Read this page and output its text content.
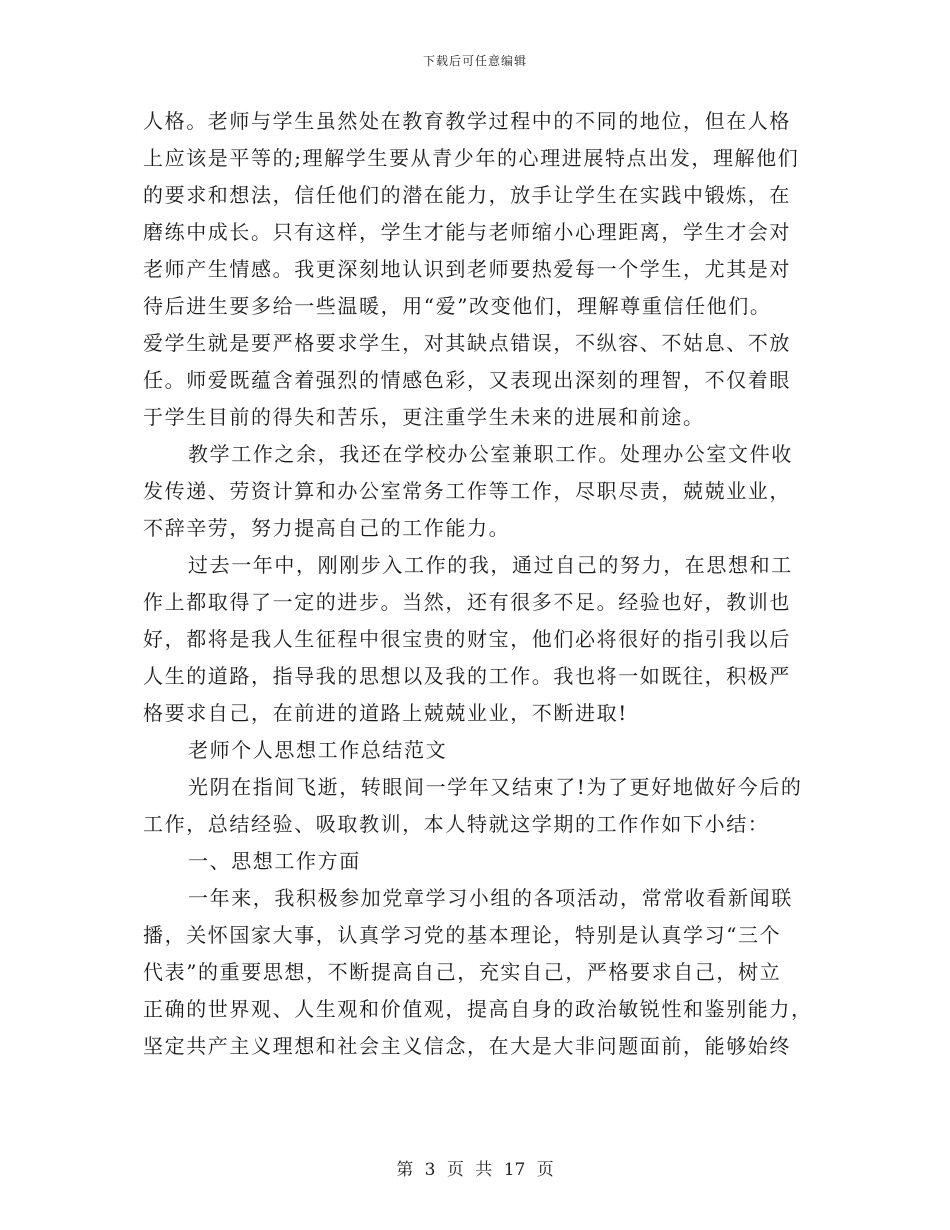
下载后可任意编辑
人格。老师与学生虽然处在教育教学过程中的不同的地位，但在人格
上应该是平等的;理解学生要从青少年的心理进展特点出发，理解他们
的要求和想法，信任他们的潜在能力，放手让学生在实践中锻炼，在
磨练中成长。只有这样，学生才能与老师缩小心理距离，学生才会对
老师产生情感。我更深刻地认识到老师要热爱每一个学生，尤其是对
待后进生要多给一些温暖，用“爱”改变他们，理解尊重信任他们。
爱学生就是要严格要求学生，对其缺点错误，不纵容、不姑息、不放
任。师爱既蕴含着强烈的情感色彩，又表现出深刻的理智，不仅着眼
于学生目前的得失和苦乐，更注重学生未来的进展和前途。
教学工作之余，我还在学校办公室兼职工作。处理办公室文件收
发传递、劳资计算和办公室常务工作等工作，尽职尽责，兢兢业业，
不辞辛劳，努力提高自己的工作能力。
过去一年中，刚刚步入工作的我，通过自己的努力，在思想和工
作上都取得了一定的进步。当然，还有很多不足。经验也好，教训也
好，都将是我人生征程中很宝贵的财宝，他们必将很好的指引我以后
人生的道路，指导我的思想以及我的工作。我也将一如既往，积极严
格要求自己，在前进的道路上兢兢业业，不断进取!
老师个人思想工作总结范文
光阴在指间飞逝，转眼间一学年又结束了!为了更好地做好今后的
工作，总结经验、吸取教训，本人特就这学期的工作作如下小结：
一、思想工作方面
一年来，我积极参加党章学习小组的各项活动，常常收看新闻联
播，关怀国家大事，认真学习党的基本理论，特别是认真学习“三个
代表”的重要思想，不断提高自己，充实自己，严格要求自己，树立
正确的世界观、人生观和价值观，提高自身的政治敏锐性和鉴别能力，
坚定共产主义理想和社会主义信念，在大是大非问题面前，能够始终
第 3 页 共 17 页
